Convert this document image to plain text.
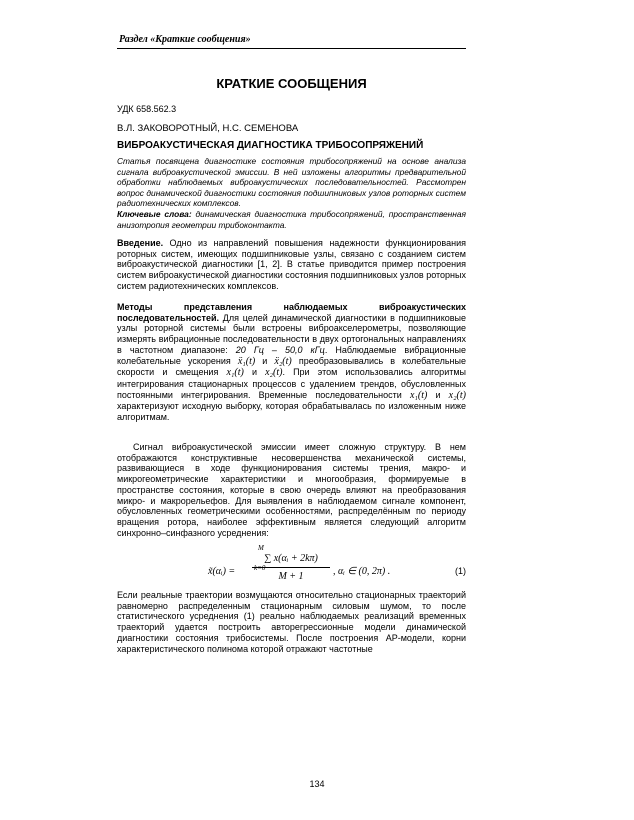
Раздел «Краткие сообщения»
КРАТКИЕ СООБЩЕНИЯ
УДК 658.562.3
В.Л. ЗАКОВОРОТНЫЙ, Н.С. СЕМЕНОВА
ВИБРОАКУСТИЧЕСКАЯ ДИАГНОСТИКА ТРИБОСОПРЯЖЕНИЙ

Статья посвящена диагностике состояния трибосопряжений на основе анализа сигнала виброакустической эмиссии. В ней изложены алгоритмы предварительной обработки наблюдаемых виброакустических последовательностей. Рассмотрен вопрос динамической диагностики состояния подшипниковых узлов роторных систем радиотехнических комплексов.

Ключевые слова: динамическая диагностика трибосопряжений, пространственная анизотропия геометрии трибоконтакта.

Введение. Одно из направлений повышения надежности функционирования роторных систем, имеющих подшипниковые узлы, связано с созданием систем виброакустической диагностики [1, 2]. В статье приводится пример построения систем виброакустической диагностики состояния подшипниковых узлов роторных систем радиотехнических комплексов.

Методы представления наблюдаемых виброакустических последовательностей. Для целей динамической диагностики в подшипниковые узлы роторной системы были встроены виброакселерометры, позволяющие измерять вибрационные последовательности в двух ортогональных направлениях в частотном диапазоне: 20 Гц – 50,0 кГц. Наблюдаемые вибрационные колебательные ускорения ẍ₁(t) и ẍ₂(t) преобразовывались в колебательные скорости и смещения x₁(t) и x₂(t). При этом использовались алгоритмы интегрирования стационарных процессов с удалением трендов, обусловленных постоянными интегрирования. Временные последовательности x₁(t) и x₂(t) характеризуют исходную выборку, которая обрабатывалась по изложенным ниже алгоритмам.

Сигнал виброакустической эмиссии имеет сложную структуру. В нем отображаются конструктивные несовершенства механической системы, развивающиеся в ходе функционирования системы трения, макро- и микрогеометрические характеристики и многообразия, формируемые в пространстве состояния, которые в свою очередь влияют на преобразования микро- и макрорельефов. Для выявления в наблюдаемом сигнале компонент, обусловленных геометрическими особенностями, распределённым по периоду вращения ротора, наиболее эффективным является следующий алгоритм синхронно–синфазного усреднения:

x̃(αᵢ) =
M
∑ x(αᵢ + 2kπ)
k=0
M + 1	, αᵢ ∈ (0, 2π) .	(1)

Если реальные траектории возмущаются относительно стационарных траекторий равномерно распределенным стационарным силовым шумом, то после статистического усреднения (1) реально наблюдаемых реализаций временных траекторий удается построить авторегрессионные модели динамической диагностики состояния трибосистемы. После построения АР-модели, корни характеристического полинома которой отражают частотные

134
